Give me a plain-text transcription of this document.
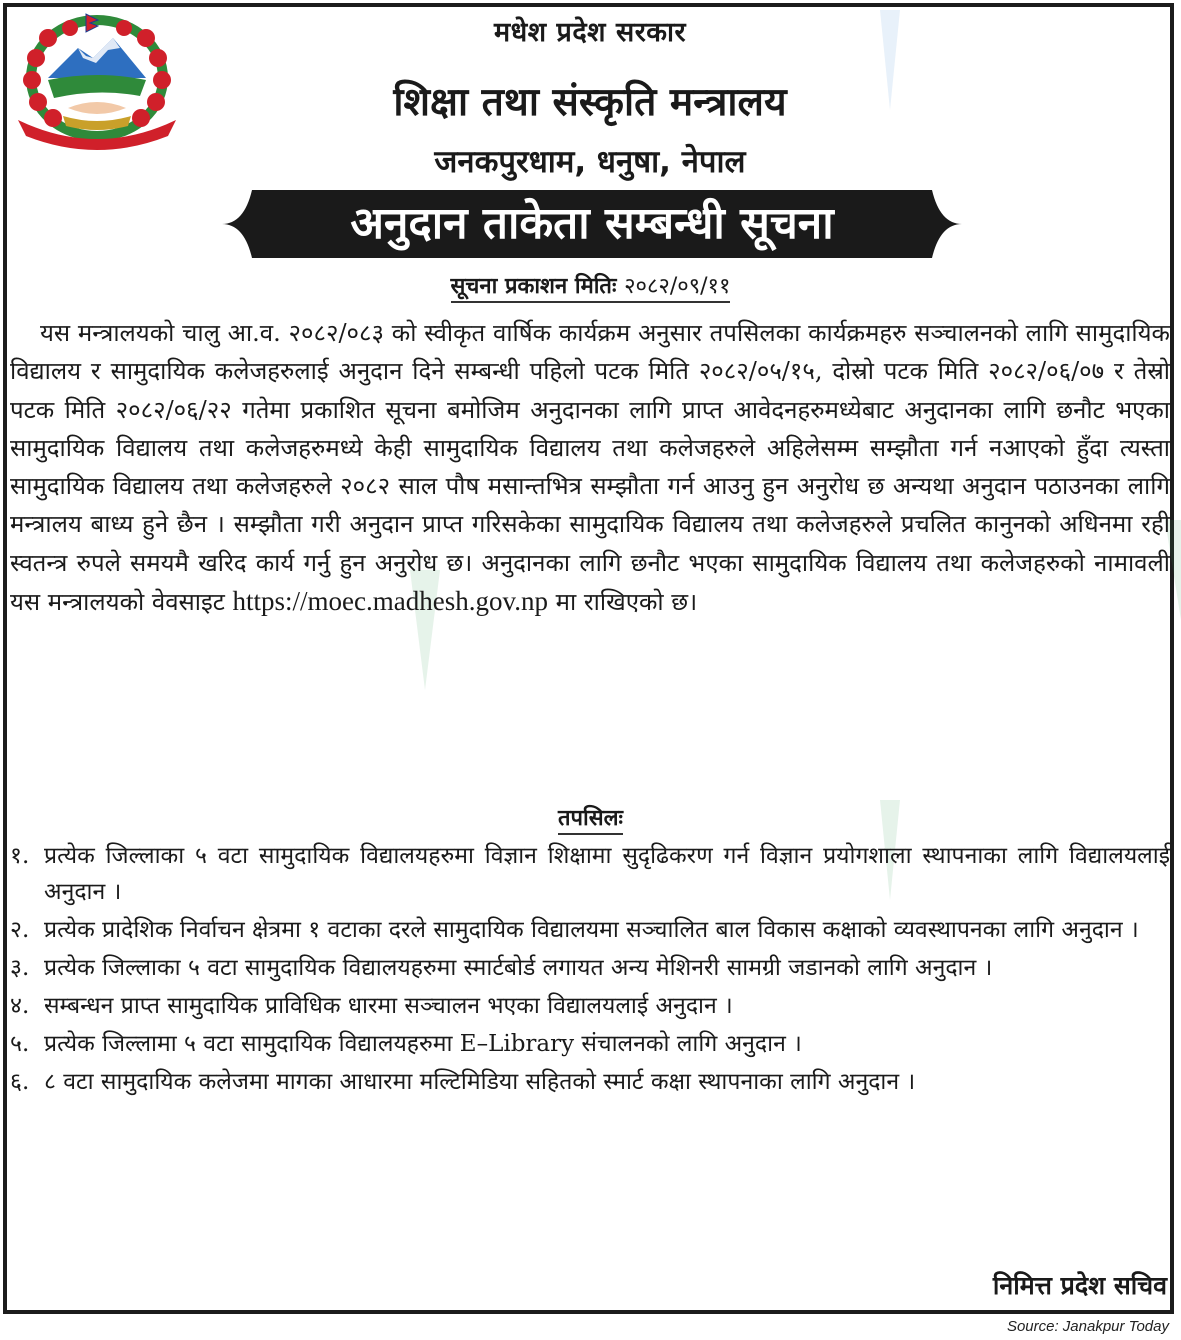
मधेश प्रदेश सरकार
शिक्षा तथा संस्कृति मन्त्रालय
जनकपुरधाम, धनुषा, नेपाल
अनुदान ताकेता सम्बन्धी सूचना
सूचना प्रकाशन मितिः २०८२/०९/११
यस मन्त्रालयको चालु आ.व. २०८२/०८३ को स्वीकृत वार्षिक कार्यक्रम अनुसार तपसिलका कार्यक्रमहरु सञ्चालनको लागि सामुदायिक विद्यालय र सामुदायिक कलेजहरुलाई अनुदान दिने सम्बन्धी पहिलो पटक मिति २०८२/०५/१५, दोस्रो पटक मिति २०८२/०६/०७ र तेस्रो पटक मिति २०८२/०६/२२ गतेमा प्रकाशित सूचना बमोजिम अनुदानका लागि प्राप्त आवेदनहरुमध्येबाट अनुदानका लागि छनौट भएका सामुदायिक विद्यालय तथा कलेजहरुमध्ये केही सामुदायिक विद्यालय तथा कलेजहरुले अहिलेसम्म सम्झौता गर्न नआएको हुँदा त्यस्ता सामुदायिक विद्यालय तथा कलेजहरुले २०८२ साल पौष मसान्तभित्र सम्झौता गर्न आउनु हुन अनुरोध छ अन्यथा अनुदान पठाउनका लागि मन्त्रालय बाध्य हुने छैन । सम्झौता गरी अनुदान प्राप्त गरिसकेका सामुदायिक विद्यालय तथा कलेजहरुले प्रचलित कानुनको अधिनमा रही स्वतन्त्र रुपले समयमै खरिद कार्य गर्नु हुन अनुरोध छ। अनुदानका लागि छनौट भएका सामुदायिक विद्यालय तथा कलेजहरुको नामावली यस मन्त्रालयको वेवसाइट https://moec.madhesh.gov.np मा राखिएको छ।
तपसिलः
१. प्रत्येक जिल्लाका ५ वटा सामुदायिक विद्यालयहरुमा विज्ञान शिक्षामा सुदृढिकरण गर्न विज्ञान प्रयोगशाला स्थापनाका लागि विद्यालयलाई अनुदान ।
२. प्रत्येक प्रादेशिक निर्वाचन क्षेत्रमा १ वटाका दरले सामुदायिक विद्यालयमा सञ्चालित बाल विकास कक्षाको व्यवस्थापनका लागि अनुदान ।
३. प्रत्येक जिल्लाका ५ वटा सामुदायिक विद्यालयहरुमा स्मार्टबोर्ड लगायत अन्य मेशिनरी सामग्री जडानको लागि अनुदान ।
४. सम्बन्धन प्राप्त सामुदायिक प्राविधिक धारमा सञ्चालन भएका विद्यालयलाई अनुदान ।
५. प्रत्येक जिल्लामा ५ वटा सामुदायिक विद्यालयहरुमा E–Library संचालनको लागि अनुदान ।
६. ८ वटा सामुदायिक कलेजमा मागका आधारमा मल्टिमिडिया सहितको स्मार्ट कक्षा स्थापनाका लागि अनुदान ।
निमित्त प्रदेश सचिव
Source: Janakpur Today
